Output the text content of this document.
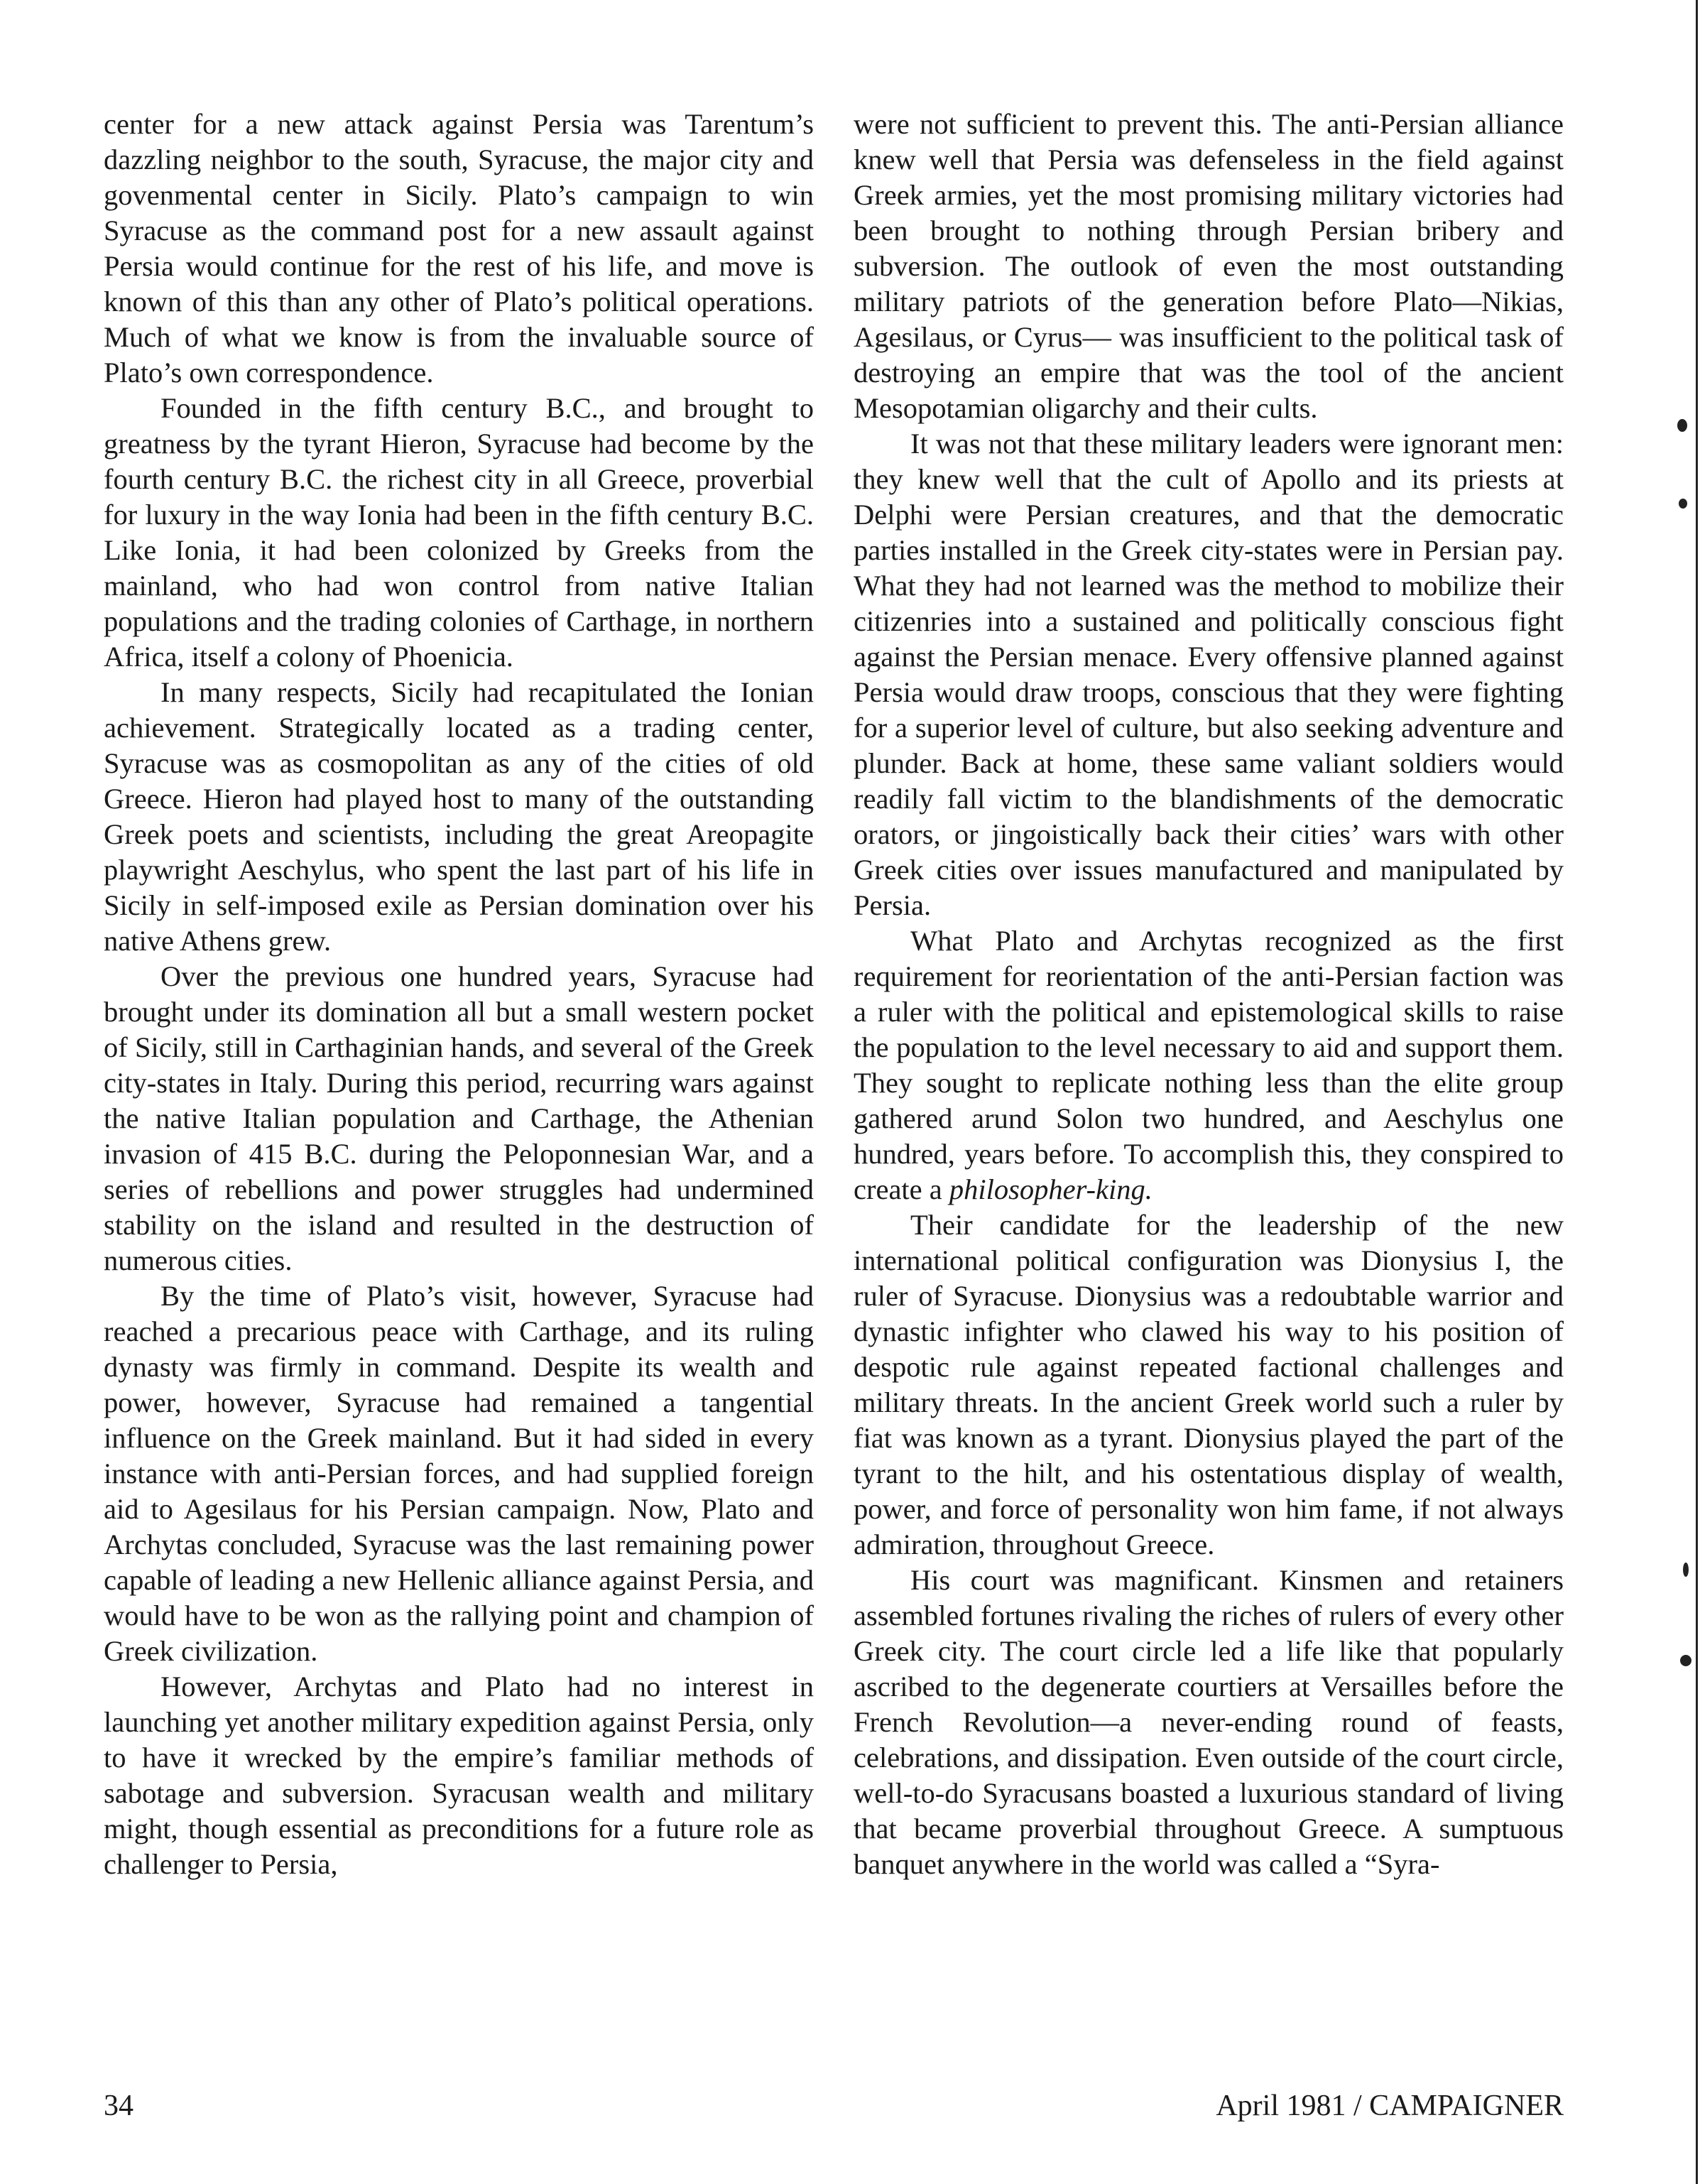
center for a new attack against Persia was Tarentum’s dazzling neighbor to the south, Syracuse, the major city and govenmental center in Sicily. Plato’s campaign to win Syracuse as the command post for a new assault against Persia would continue for the rest of his life, and move is known of this than any other of Plato’s political operations. Much of what we know is from the invaluable source of Plato’s own correspondence.

Founded in the fifth century B.C., and brought to greatness by the tyrant Hieron, Syracuse had become by the fourth century B.C. the richest city in all Greece, proverbial for luxury in the way Ionia had been in the fifth century B.C. Like Ionia, it had been colonized by Greeks from the mainland, who had won control from native Italian populations and the trading colonies of Carthage, in northern Africa, itself a colony of Phoenicia.

In many respects, Sicily had recapitulated the Ionian achievement. Strategically located as a trading center, Syracuse was as cosmopolitan as any of the cities of old Greece. Hieron had played host to many of the outstanding Greek poets and scientists, including the great Areopagite playwright Aeschylus, who spent the last part of his life in Sicily in self-imposed exile as Persian domination over his native Athens grew.

Over the previous one hundred years, Syracuse had brought under its domination all but a small western pocket of Sicily, still in Carthaginian hands, and several of the Greek city-states in Italy. During this period, recurring wars against the native Italian population and Carthage, the Athenian invasion of 415 B.C. during the Peloponnesian War, and a series of rebellions and power struggles had undermined stability on the island and resulted in the destruction of numerous cities.

By the time of Plato’s visit, however, Syracuse had reached a precarious peace with Carthage, and its ruling dynasty was firmly in command. Despite its wealth and power, however, Syracuse had remained a tangential influence on the Greek mainland. But it had sided in every instance with anti-Persian forces, and had supplied foreign aid to Agesilaus for his Persian campaign. Now, Plato and Archytas concluded, Syracuse was the last remaining power capable of leading a new Hellenic alliance against Persia, and would have to be won as the rallying point and champion of Greek civilization.

However, Archytas and Plato had no interest in launching yet another military expedition against Persia, only to have it wrecked by the empire’s familiar methods of sabotage and subversion. Syracusan wealth and military might, though essential as preconditions for a future role as challenger to Persia,

were not sufficient to prevent this. The anti-Persian alliance knew well that Persia was defenseless in the field against Greek armies, yet the most promising military victories had been brought to nothing through Persian bribery and subversion. The outlook of even the most outstanding military patriots of the generation before Plato—Nikias, Agesilaus, or Cyrus— was insufficient to the political task of destroying an empire that was the tool of the ancient Mesopotamian oligarchy and their cults.

It was not that these military leaders were ignorant men: they knew well that the cult of Apollo and its priests at Delphi were Persian creatures, and that the democratic parties installed in the Greek city-states were in Persian pay. What they had not learned was the method to mobilize their citizenries into a sustained and politically conscious fight against the Persian menace. Every offensive planned against Persia would draw troops, conscious that they were fighting for a superior level of culture, but also seeking adventure and plunder. Back at home, these same valiant soldiers would readily fall victim to the blandishments of the democratic orators, or jingoistically back their cities’ wars with other Greek cities over issues manufactured and manipulated by Persia.

What Plato and Archytas recognized as the first requirement for reorientation of the anti-Persian faction was a ruler with the political and epistemological skills to raise the population to the level necessary to aid and support them. They sought to replicate nothing less than the elite group gathered arund Solon two hundred, and Aeschylus one hundred, years before. To accomplish this, they conspired to create a philosopher-king.

Their candidate for the leadership of the new international political configuration was Dionysius I, the ruler of Syracuse. Dionysius was a redoubtable warrior and dynastic infighter who clawed his way to his position of despotic rule against repeated factional challenges and military threats. In the ancient Greek world such a ruler by fiat was known as a tyrant. Dionysius played the part of the tyrant to the hilt, and his ostentatious display of wealth, power, and force of personality won him fame, if not always admiration, throughout Greece.

His court was magnificant. Kinsmen and retainers assembled fortunes rivaling the riches of rulers of every other Greek city. The court circle led a life like that popularly ascribed to the degenerate courtiers at Versailles before the French Revolution—a never-ending round of feasts, celebrations, and dissipation. Even outside of the court circle, well-to-do Syracusans boasted a luxurious standard of living that became proverbial throughout Greece. A sumptuous banquet anywhere in the world was called a “Syra-

34	April 1981 / CAMPAIGNER
